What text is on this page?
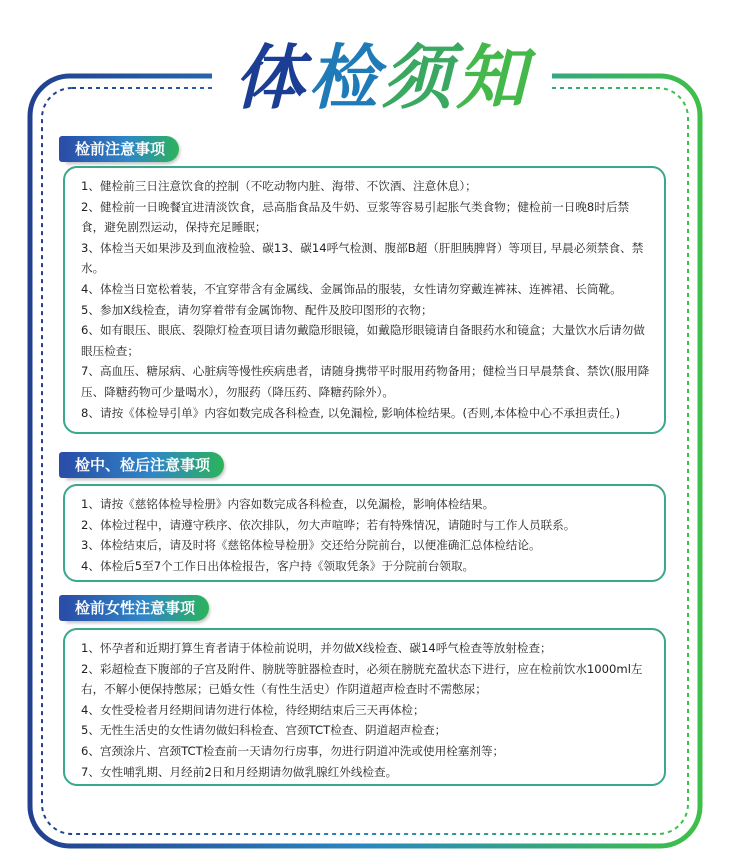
体检须知
检前注意事项

1、健检前三日注意饮食的控制（不吃动物内脏、海带、不饮酒、注意休息）；

2、健检前一日晚餐宜进清淡饮食，忌高脂食品及牛奶、豆浆等容易引起胀气类食物；健检前一日晚8时后禁食，避免剧烈运动，保持充足睡眠；

3、体检当天如果涉及到血液检验、碳13、碳14呼气检测、腹部B超（肝胆胰脾肾）等项目, 早晨必须禁食、禁水。

4、体检当日宽松着装，不宜穿带含有金属线、金属饰品的服装，女性请勿穿戴连裤袜、连裤裙、长筒靴。

5、参加X线检查，请勿穿着带有金属饰物、配件及胶印图形的衣物；

6、如有眼压、眼底、裂隙灯检查项目请勿戴隐形眼镜，如戴隐形眼镜请自备眼药水和镜盒；大量饮水后请勿做眼压检查；

7、高血压、糖尿病、心脏病等慢性疾病患者，请随身携带平时服用药物备用；健检当日早晨禁食、禁饮(服用降压、降糖药物可少量喝水），勿服药（降压药、降糖药除外）。

8、请按《体检导引单》内容如数完成各科检查, 以免漏检, 影响体检结果。(否则,本体检中心不承担责任。)

检中、检后注意事项

1、请按《慈铭体检导检册》内容如数完成各科检查，以免漏检，影响体检结果。

2、体检过程中，请遵守秩序、依次排队，勿大声喧哗；若有特殊情况，请随时与工作人员联系。

3、体检结束后，请及时将《慈铭体检导检册》交还给分院前台，以便准确汇总体检结论。

4、体检后5至7个工作日出体检报告，客户持《领取凭条》于分院前台领取。

检前女性注意事项

1、怀孕者和近期打算生育者请于体检前说明，并勿做X线检查、碳14呼气检查等放射检查；

2、彩超检查下腹部的子宫及附件、膀胱等脏器检查时，必须在膀胱充盈状态下进行，应在检前饮水1000ml左右，不解小便保持憋尿；已婚女性（有性生活史）作阴道超声检查时不需憋尿；

4、女性受检者月经期间请勿进行体检，待经期结束后三天再体检；

5、无性生活史的女性请勿做妇科检查、宫颈TCT检查、阴道超声检查；

6、宫颈涂片、宫颈TCT检查前一天请勿行房事，勿进行阴道冲洗或使用栓塞剂等；

7、女性哺乳期、月经前2日和月经期请勿做乳腺红外线检查。
